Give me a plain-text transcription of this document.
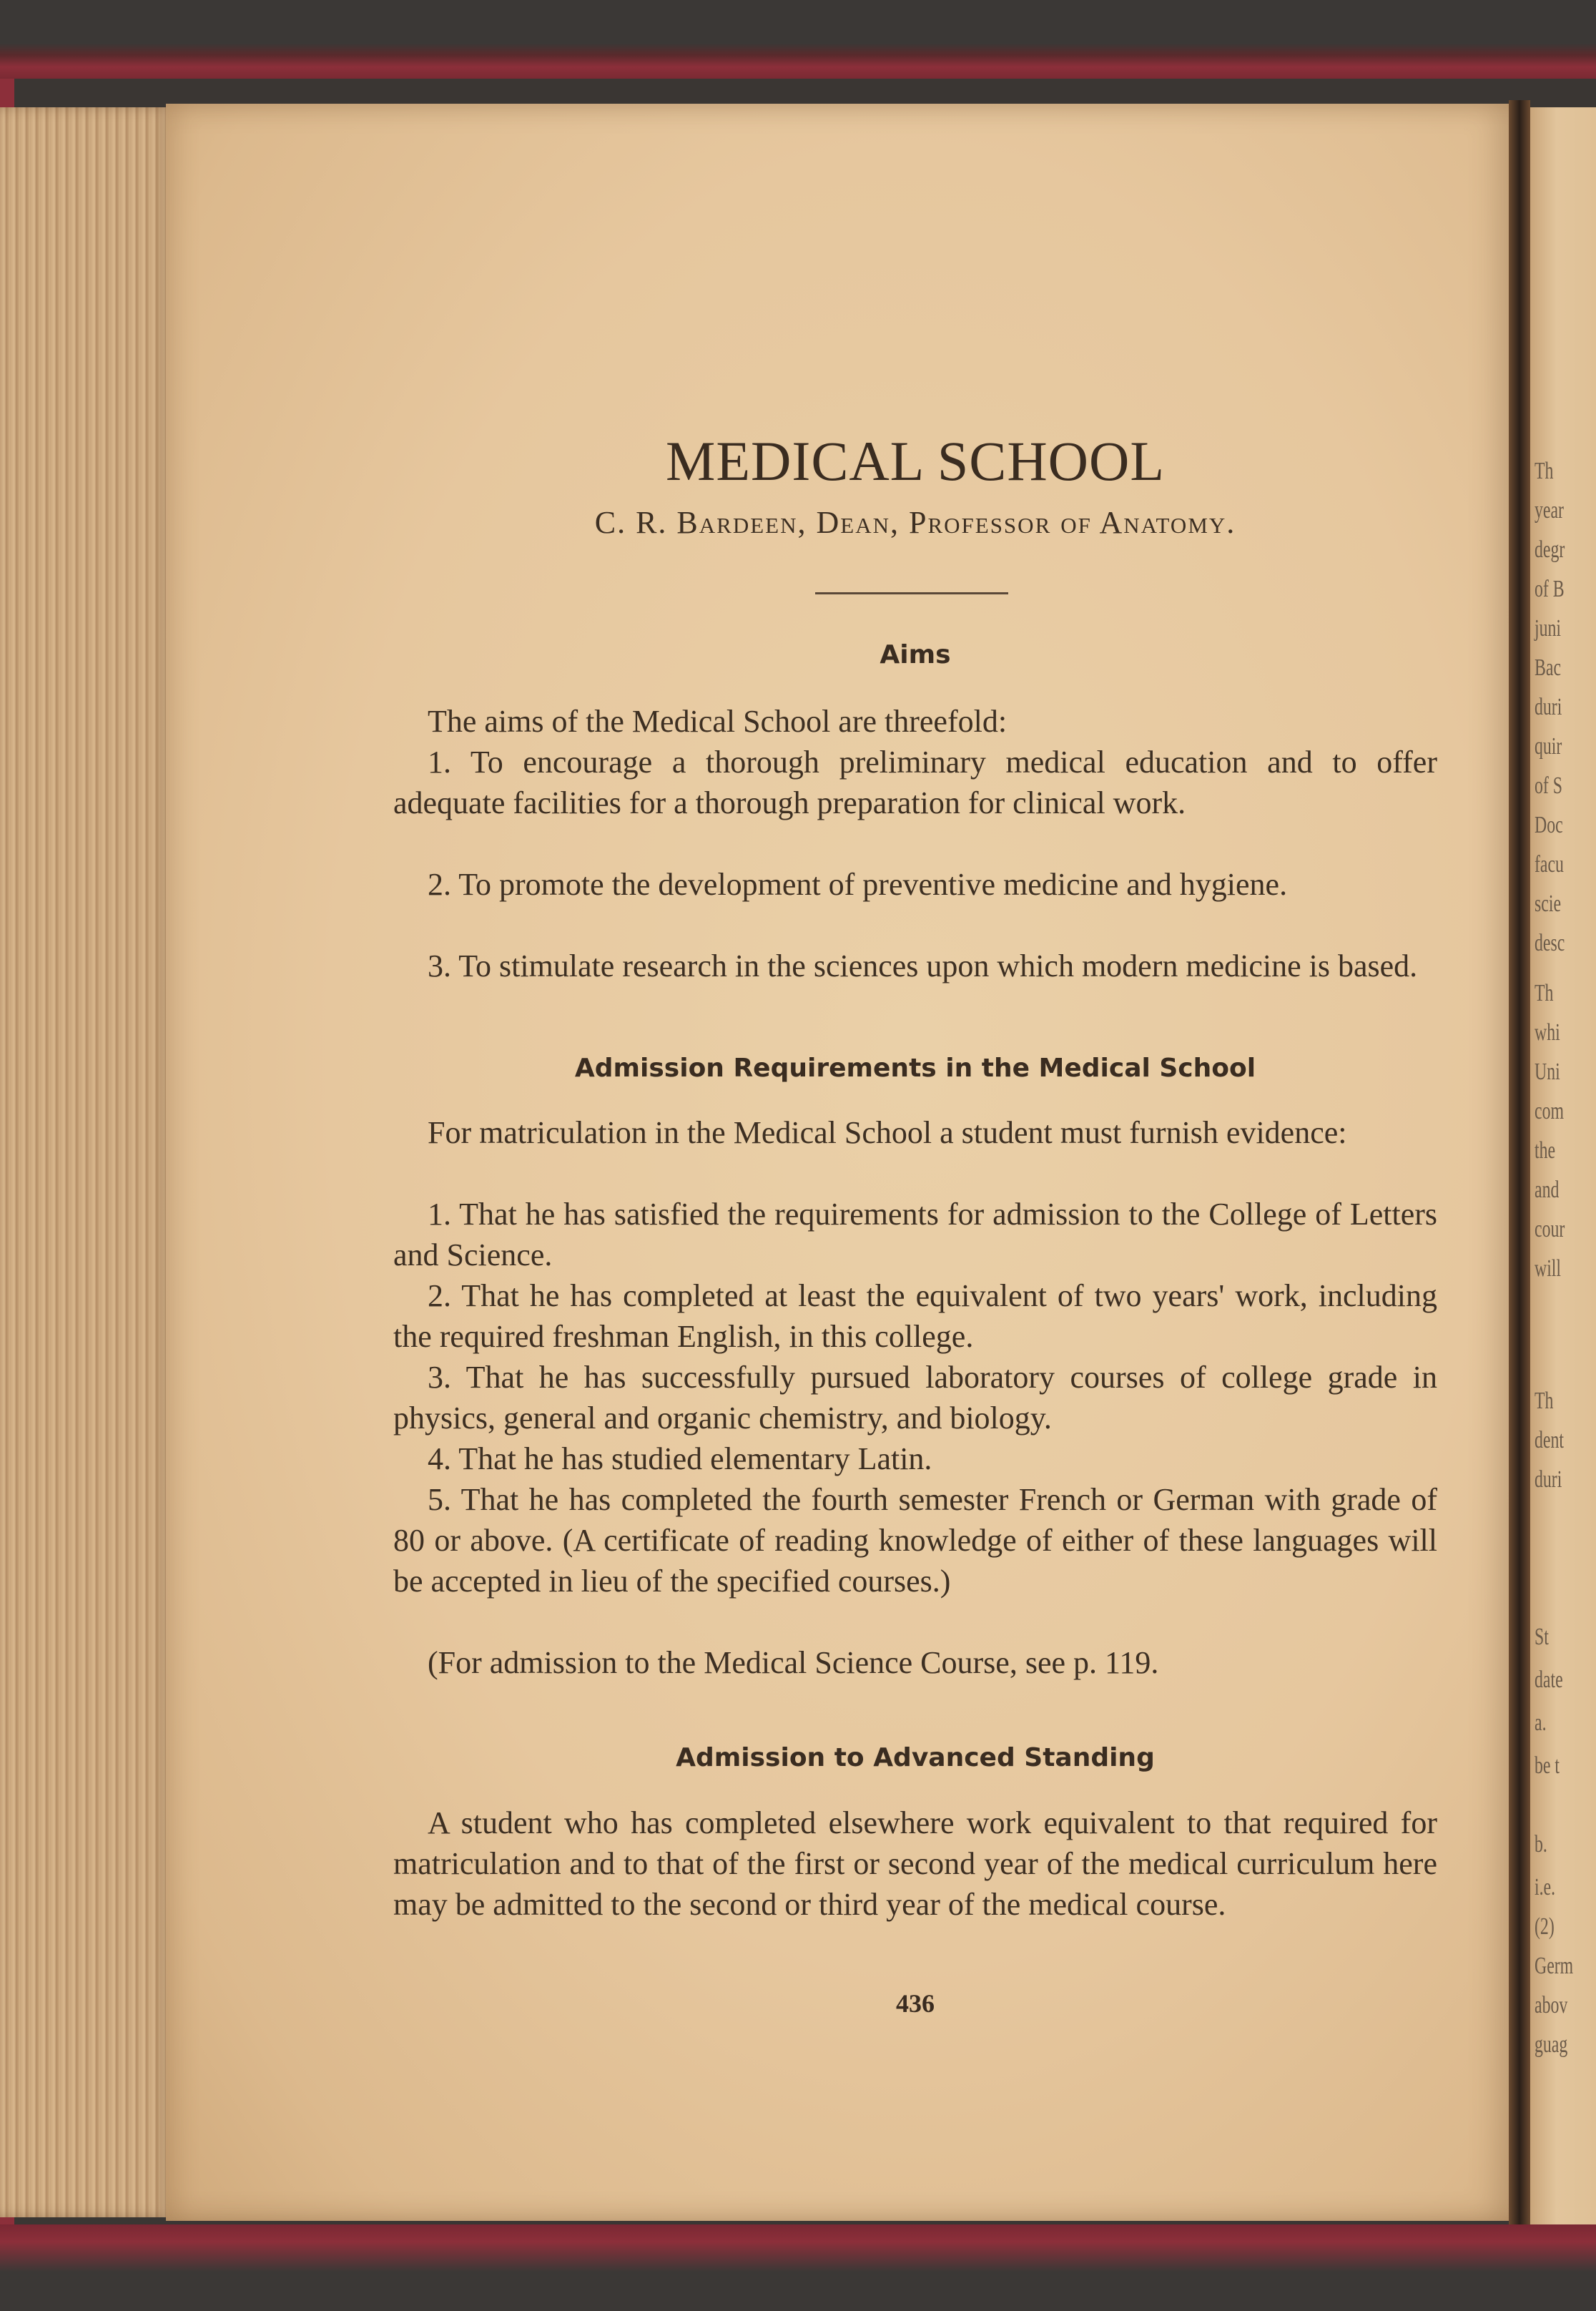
Th
year
degr
of B
juni
Bac
duri
quir
of S
Doc
facu
scie
desc
Th
whi
Uni
com
the
and
cour
will
Th
dent
duri
St
date
a.
be t
b.
i.e.
(2)
Germ
abov
guag
MEDICAL SCHOOL

C. R. Bardeen, Dean, Professor of Anatomy.

Aims

The aims of the Medical School are threefold:

1. To encourage a thorough preliminary medical education and to offer adequate facilities for a thorough preparation for clinical work.

2. To promote the development of preventive medicine and hygiene.

3. To stimulate research in the sciences upon which modern medicine is based.

Admission Requirements in the Medical School

For matriculation in the Medical School a student must furnish evidence:

1. That he has satisfied the requirements for admission to the College of Letters and Science.

2. That he has completed at least the equivalent of two years' work, including the required freshman English, in this college.

3. That he has successfully pursued laboratory courses of college grade in physics, general and organic chemistry, and biology.

4. That he has studied elementary Latin.

5. That he has completed the fourth semester French or German with grade of 80 or above. (A certificate of reading knowledge of either of these languages will be accepted in lieu of the specified courses.)

(For admission to the Medical Science Course, see p. 119.

Admission to Advanced Standing

A student who has completed elsewhere work equivalent to that required for matriculation and to that of the first or second year of the medical curriculum here may be admitted to the second or third year of the medical course.

436
